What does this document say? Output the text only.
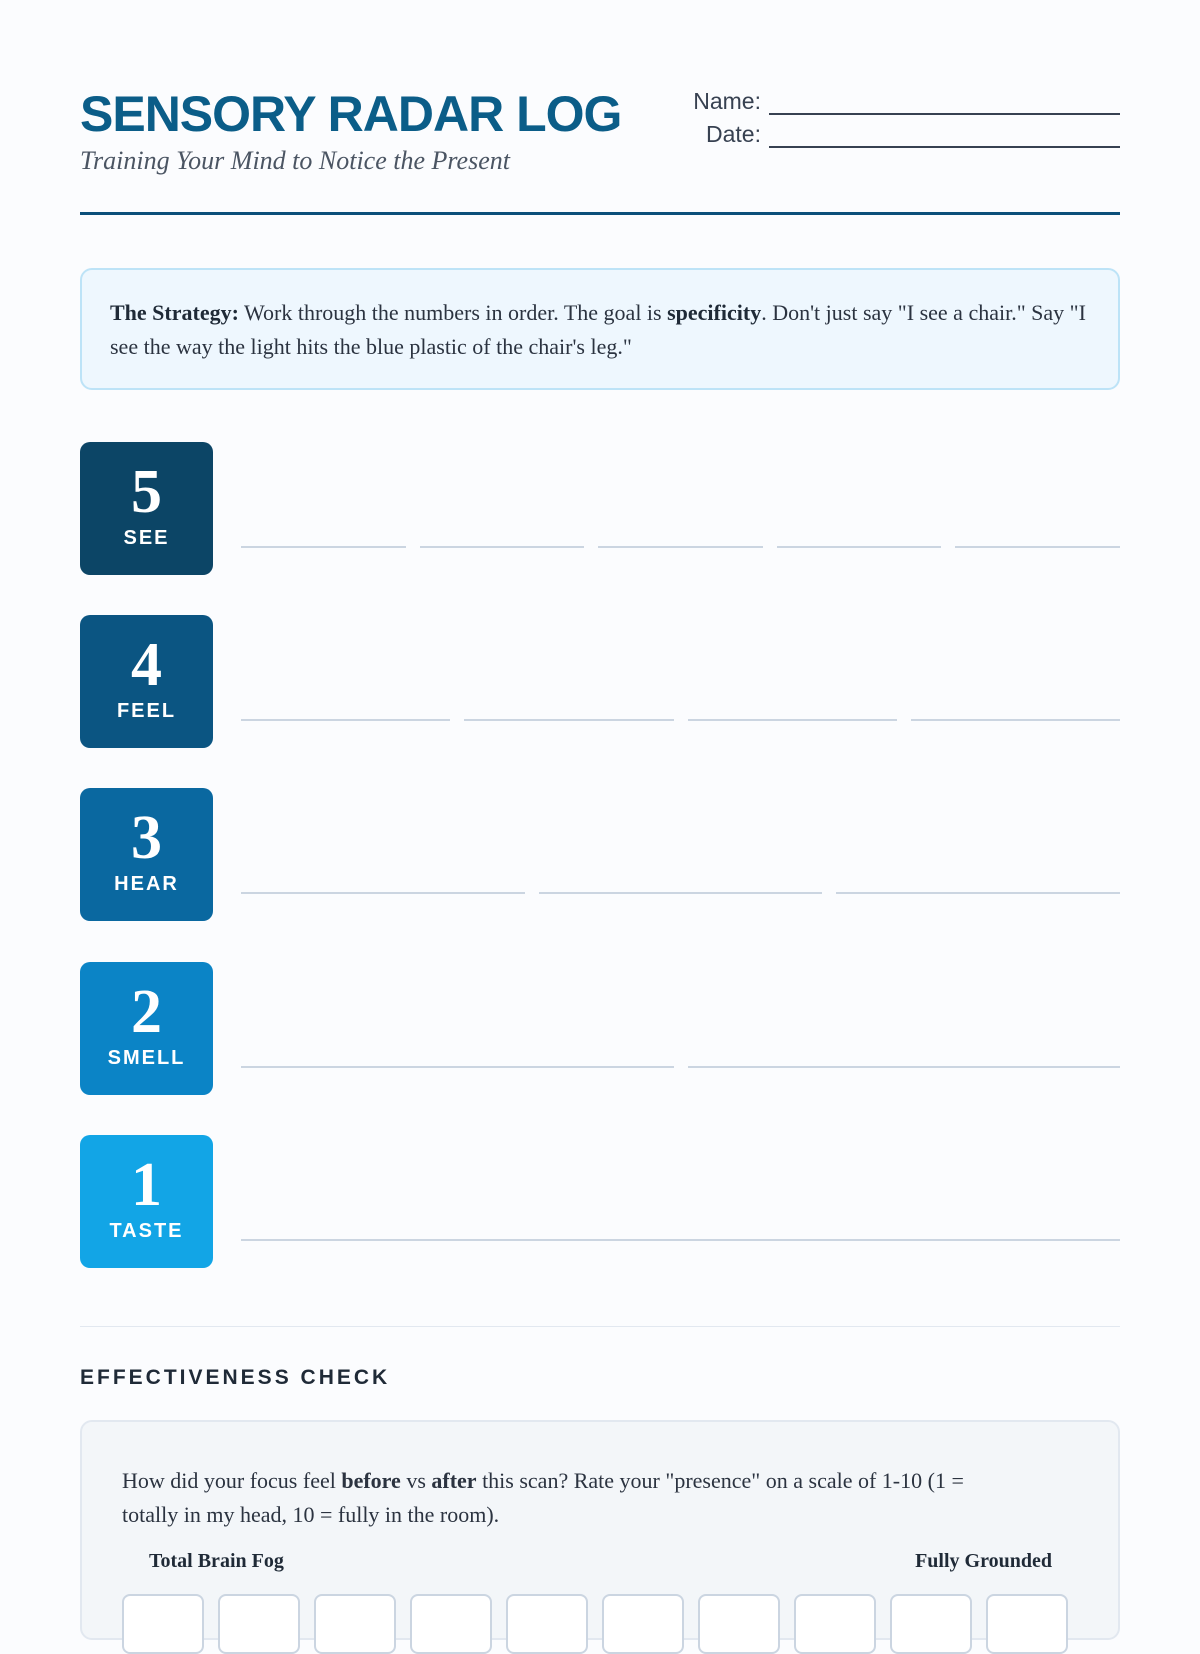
SENSORY RADAR LOG
Training Your Mind to Notice the Present
Name:
Date:
The Strategy: Work through the numbers in order. The goal is specificity. Don't just say "I see a chair." Say "I see the way the light hits the blue plastic of the chair's leg."
5
SEE
4
FEEL
3
HEAR
2
SMELL
1
TASTE
EFFECTIVENESS CHECK
How did your focus feel before vs after this scan? Rate your "presence" on a scale of 1-10 (1 = totally in my head, 10 = fully in the room).
Total Brain Fog	Fully Grounded
